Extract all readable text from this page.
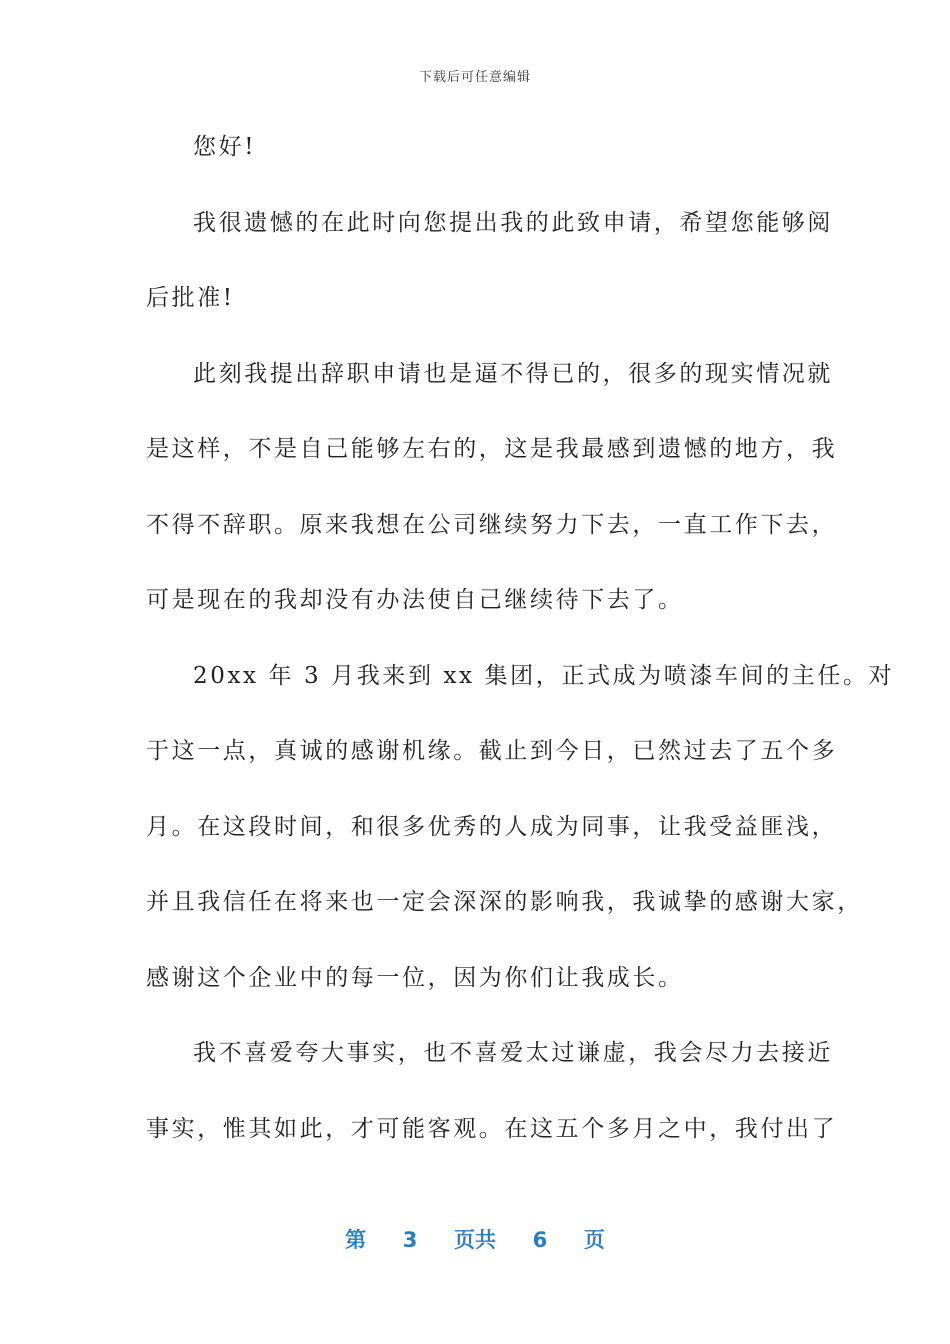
下载后可任意编辑
您好!
我很遗憾的在此时向您提出我的此致申请，希望您能够阅
后批准!
此刻我提出辞职申请也是逼不得已的，很多的现实情况就
是这样，不是自己能够左右的，这是我最感到遗憾的地方，我
不得不辞职。原来我想在公司继续努力下去，一直工作下去，
可是现在的我却没有办法使自己继续待下去了。
20xx 年 3 月我来到 xx 集团，正式成为喷漆车间的主任。对
于这一点，真诚的感谢机缘。截止到今日，已然过去了五个多
月。在这段时间，和很多优秀的人成为同事，让我受益匪浅，
并且我信任在将来也一定会深深的影响我，我诚挚的感谢大家，
感谢这个企业中的每一位，因为你们让我成长。
我不喜爱夸大事实，也不喜爱太过谦虚，我会尽力去接近
事实，惟其如此，才可能客观。在这五个多月之中，我付出了
第 3 页共 6 页
